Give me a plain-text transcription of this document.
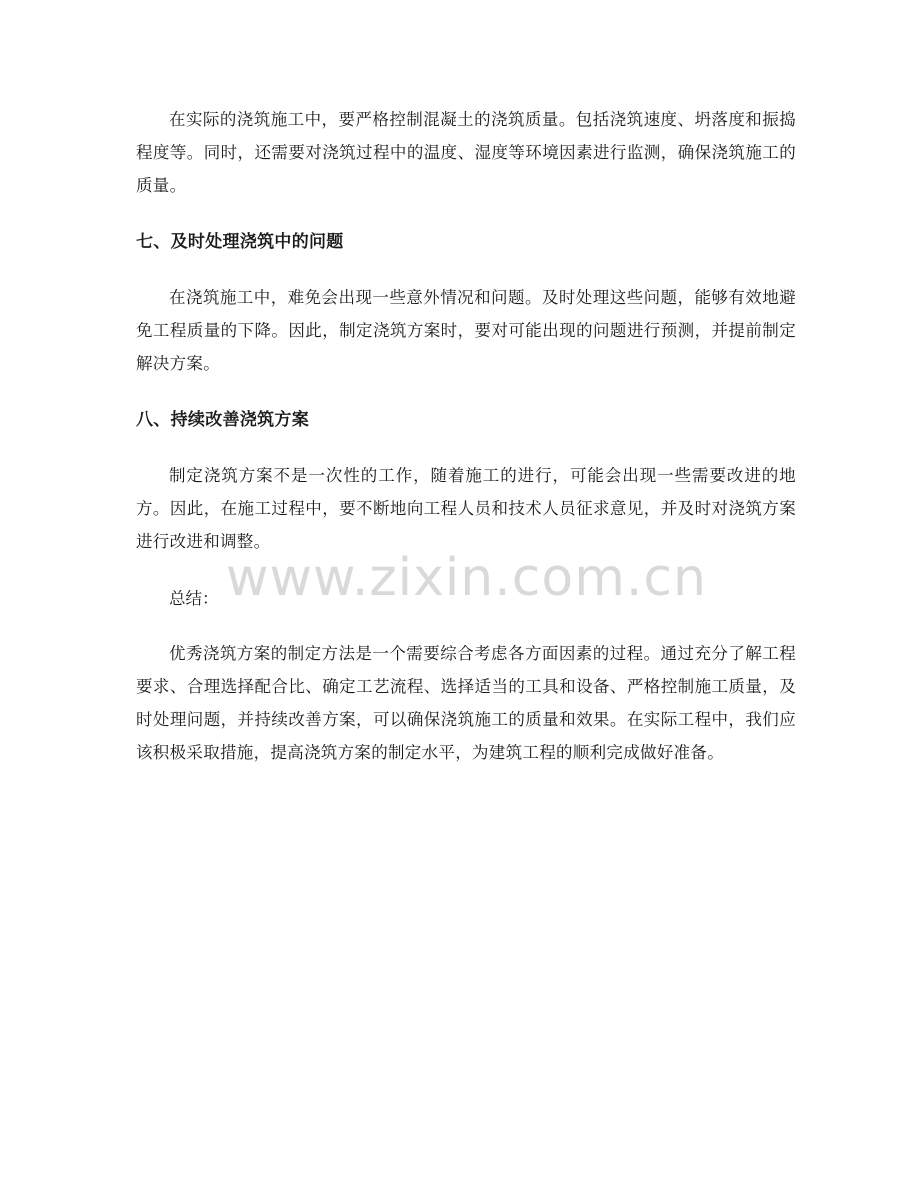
在实际的浇筑施工中，要严格控制混凝土的浇筑质量。包括浇筑速度、坍落度和振捣程度等。同时，还需要对浇筑过程中的温度、湿度等环境因素进行监测，确保浇筑施工的质量。

七、及时处理浇筑中的问题

在浇筑施工中，难免会出现一些意外情况和问题。及时处理这些问题，能够有效地避免工程质量的下降。因此，制定浇筑方案时，要对可能出现的问题进行预测，并提前制定解决方案。

八、持续改善浇筑方案

制定浇筑方案不是一次性的工作，随着施工的进行，可能会出现一些需要改进的地方。因此，在施工过程中，要不断地向工程人员和技术人员征求意见，并及时对浇筑方案进行改进和调整。

总结：

优秀浇筑方案的制定方法是一个需要综合考虑各方面因素的过程。通过充分了解工程要求、合理选择配合比、确定工艺流程、选择适当的工具和设备、严格控制施工质量，及时处理问题，并持续改善方案，可以确保浇筑施工的质量和效果。在实际工程中，我们应该积极采取措施，提高浇筑方案的制定水平，为建筑工程的顺利完成做好准备。

www.zixin.com.cn
